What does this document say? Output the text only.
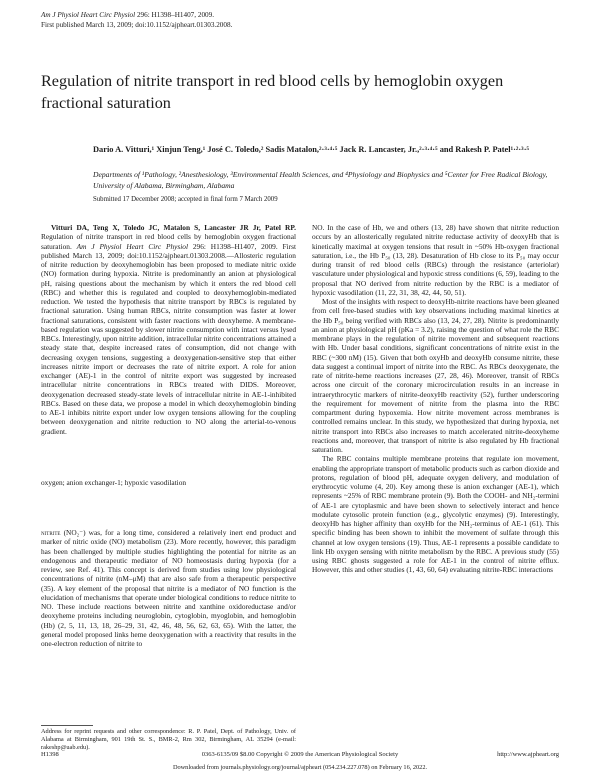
Am J Physiol Heart Circ Physiol 296: H1398–H1407, 2009.
First published March 13, 2009; doi:10.1152/ajpheart.01303.2008.
Regulation of nitrite transport in red blood cells by hemoglobin oxygen fractional saturation
Dario A. Vitturi,¹ Xinjun Teng,¹ José C. Toledo,² Sadis Matalon,²·³·⁴·⁵ Jack R. Lancaster, Jr.,²·³·⁴·⁵ and Rakesh P. Patel¹·²·³·⁵
Departments of ¹Pathology, ²Anesthesiology, ³Environmental Health Sciences, and ⁴Physiology and Biophysics and ⁵Center for Free Radical Biology, University of Alabama, Birmingham, Alabama
Submitted 17 December 2008; accepted in final form 7 March 2009

Vitturi DA, Teng X, Toledo JC, Matalon S, Lancaster JR Jr, Patel RP. Regulation of nitrite transport in red blood cells by hemoglobin oxygen fractional saturation. Am J Physiol Heart Circ Physiol 296: H1398–H1407, 2009. First published March 13, 2009; doi:10.1152/ajpheart.01303.2008.—Allosteric regulation of nitrite reduction by deoxyhemoglobin has been proposed to mediate nitric oxide (NO) formation during hypoxia. Nitrite is predominantly an anion at physiological pH, raising questions about the mechanism by which it enters the red blood cell (RBC) and whether this is regulated and coupled to deoxyhemoglobin-mediated reduction. We tested the hypothesis that nitrite transport by RBCs is regulated by fractional saturation. Using human RBCs, nitrite consumption was faster at lower fractional saturations, consistent with faster reactions with deoxyheme. A membrane-based regulation was suggested by slower nitrite consumption with intact versus lysed RBCs. Interestingly, upon nitrite addition, intracellular nitrite concentrations attained a steady state that, despite increased rates of consumption, did not change with decreasing oxygen tensions, suggesting a deoxygenation-sensitive step that either increases nitrite import or decreases the rate of nitrite export. A role for anion exchanger (AE)-1 in the control of nitrite export was suggested by increased intracellular nitrite concentrations in RBCs treated with DIDS. Moreover, deoxygenation decreased steady-state levels of intracellular nitrite in AE-1-inhibited RBCs. Based on these data, we propose a model in which deoxyhemoglobin binding to AE-1 inhibits nitrite export under low oxygen tensions allowing for the coupling between deoxygenation and nitrite reduction to NO along the arterial-to-venous gradient.

oxygen; anion exchanger-1; hypoxic vasodilation

nitrite (NO₂⁻) was, for a long time, considered a relatively inert end product and marker of nitric oxide (NO) metabolism (23). More recently, however, this paradigm has been challenged by multiple studies highlighting the potential for nitrite as an endogenous and therapeutic mediator of NO homeostasis during hypoxia (for a review, see Ref. 41). This concept is derived from studies using low physiological concentrations of nitrite (nM–μM) that are also safe from a therapeutic perspective (35). A key element of the proposal that nitrite is a mediator of NO function is the elucidation of mechanisms that operate under biological conditions to reduce nitrite to NO. These include reactions between nitrite and xanthine oxidoreductase and/or deoxyheme proteins including neuroglobin, cytoglobin, myoglobin, and hemoglobin (Hb) (2, 5, 11, 13, 18, 26–29, 31, 42, 46, 48, 56, 62, 63, 65). With the latter, the general model proposed links heme deoxygenation with a reactivity that results in the one-electron reduction of nitrite to

NO. In the case of Hb, we and others (13, 28) have shown that nitrite reduction occurs by an allosterically regulated nitrite reductase activity of deoxyHb that is kinetically maximal at oxygen tensions that result in ~50% Hb-oxygen fractional saturation, i.e., the Hb P₅₀ (13, 28). Desaturation of Hb close to its P₅₀ may occur during transit of red blood cells (RBCs) through the resistance (arteriolar) vasculature under physiological and hypoxic stress conditions (6, 59), leading to the proposal that NO derived from nitrite reduction by the RBC is a mediator of hypoxic vasodilation (11, 22, 31, 38, 42, 44, 50, 51).

Most of the insights with respect to deoxyHb-nitrite reactions have been gleaned from cell free-based studies with key observations including maximal kinetics at the Hb P₅₀ being verified with RBCs also (13, 24, 27, 28). Nitrite is predominantly an anion at physiological pH (pKa = 3.2), raising the question of what role the RBC membrane plays in the regulation of nitrite movement and subsequent reactions with Hb. Under basal conditions, significant concentrations of nitrite exist in the RBC (~300 nM) (15). Given that both oxyHb and deoxyHb consume nitrite, these data suggest a continual import of nitrite into the RBC. As RBCs deoxygenate, the rate of nitrite-heme reactions increases (27, 28, 46). Moreover, transit of RBCs across one circuit of the coronary microcirculation results in an increase in intraerythrocytic markers of nitrite-deoxyHb reactivity (52), further underscoring the requirement for movement of nitrite from the plasma into the RBC compartment during hypoxemia. How nitrite movement across membranes is controlled remains unclear. In this study, we hypothesized that during hypoxia, net nitrite transport into RBCs also increases to match accelerated nitrite-deoxyheme reactions and, moreover, that transport of nitrite is also regulated by Hb fractional saturation.

The RBC contains multiple membrane proteins that regulate ion movement, enabling the appropriate transport of metabolic products such as carbon dioxide and protons, regulation of blood pH, adequate oxygen delivery, and modulation of erythrocytic volume (4, 20). Key among these is anion exchanger (AE-1), which represents ~25% of RBC membrane protein (9). Both the COOH- and NH₂-termini of AE-1 are cytoplasmic and have been shown to selectively interact and hence modulate cytosolic protein function (e.g., glycolytic enzymes) (9). Interestingly, deoxyHb has higher affinity than oxyHb for the NH₂-terminus of AE-1 (61). This specific binding has been shown to inhibit the movement of sulfate through this channel at low oxygen tensions (19). Thus, AE-1 represents a possible candidate to link Hb oxygen sensing with nitrite metabolism by the RBC. A previous study (55) using RBC ghosts suggested a role for AE-1 in the control of nitrite efflux. However, this and other studies (1, 43, 60, 64) evaluating nitrite-RBC interactions

Address for reprint requests and other correspondence: R. P. Patel, Dept. of Pathology, Univ. of Alabama at Birmingham, 901 19th St. S., BMR-2, Rm 302, Birmingham, AL 35294 (e-mail: rakeshp@uab.edu).
H1398	0363-6135/09 $8.00 Copyright © 2009 the American Physiological Society	http://www.ajpheart.org
Downloaded from journals.physiology.org/journal/ajpheart (054.234.227.078) on February 16, 2022.
